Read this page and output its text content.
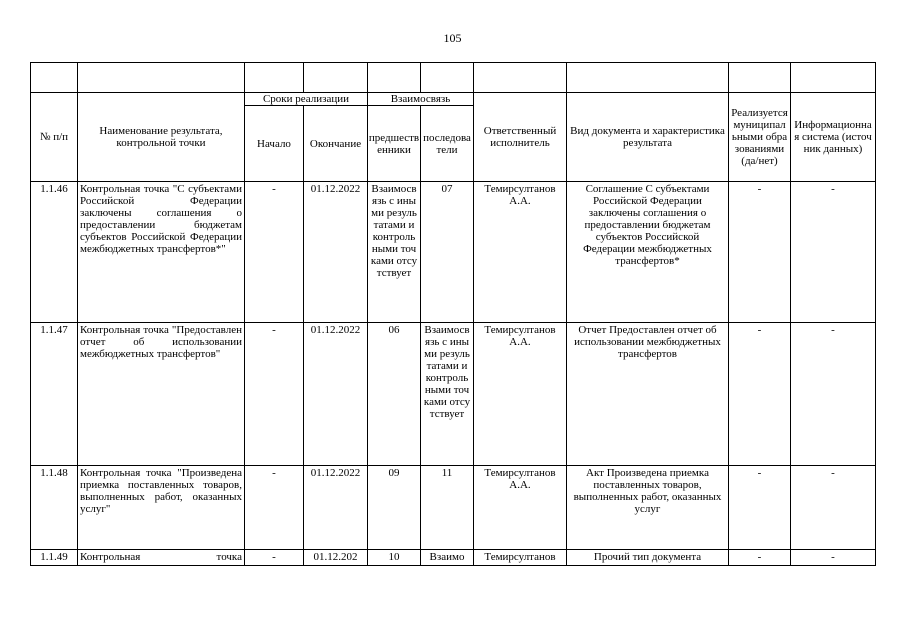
105

№ п/п	Наименование результата, контрольной точки	Сроки реализации		Взаимосвязь		Ответственный исполнитель	Вид документа и характеристика результата	Реализуется муниципальными образованиями (да/нет)	Информационная система (источник данных)
		Начало	Окончание	предшественники	последователи				
1.1.46	Контрольная точка "С субъектами Российской Федерации заключены соглашения о предоставлении бюджетам субъектов Российской Федерации межбюджетных трансфертов*"	-	01.12.2022	Взаимосвязь с иными результатами и контрольными точками отсутствует	07	Темирсултанов А.А.	Соглашение С субъектами Российской Федерации заключены соглашения о предоставлении бюджетам субъектов Российской Федерации межбюджетных трансфертов*	-	-
1.1.47	Контрольная точка "Предоставлен отчет об использовании межбюджетных трансфертов"	-	01.12.2022	06	Взаимосвязь с иными результатами и контрольными точками отсутствует	Темирсултанов А.А.	Отчет Предоставлен отчет об использовании межбюджетных трансфертов	-	-
1.1.48	Контрольная точка "Произведена приемка поставленных товаров, выполненных работ, оказанных услуг"	-	01.12.2022	09	11	Темирсултанов А.А.	Акт Произведена приемка поставленных товаров, выполненных работ, оказанных услуг	-	-
1.1.49	Контрольная точка	-	01.12.202	10	Взаимо	Темирсултанов	Прочий тип документа	-	-
